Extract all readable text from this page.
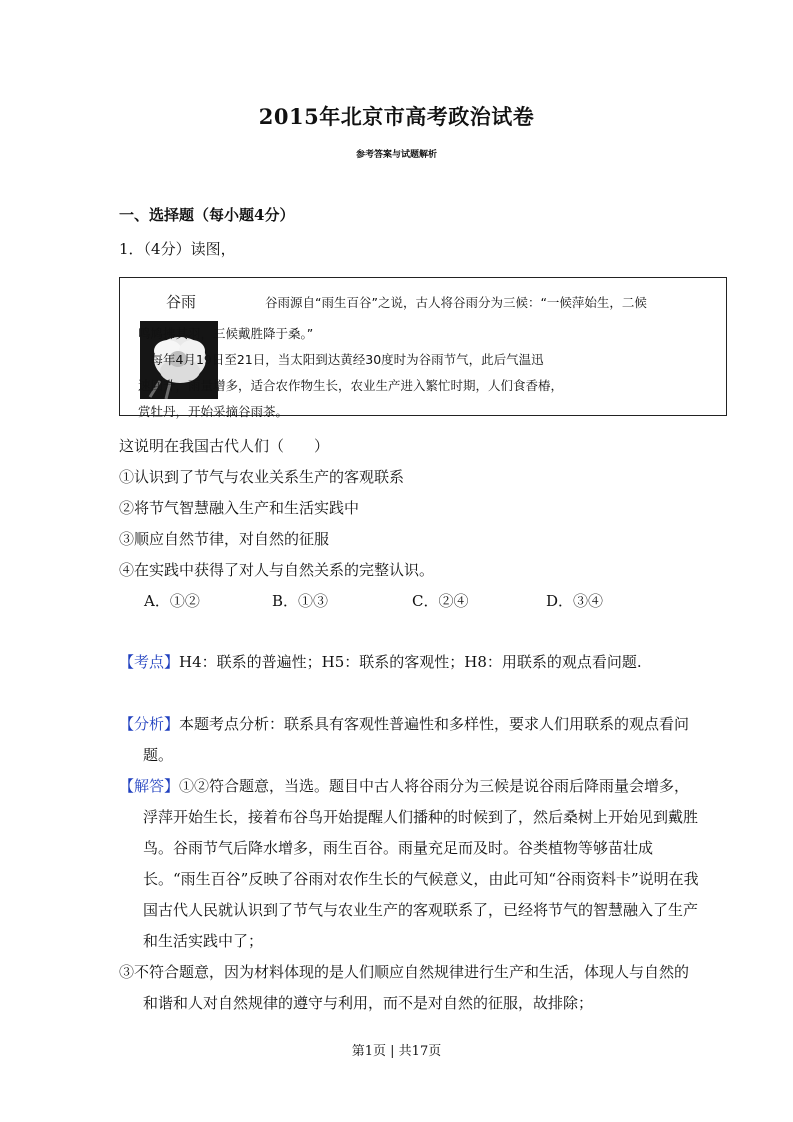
2015年北京市高考政治试卷
参考答案与试题解析
一、选择题（每小题4分）
1．（4分）读图，
谷雨	谷雨源自“雨生百谷”之说，古人将谷雨分为三候：“一候萍始生，二候
鸣鸠拂其羽，三候戴胜降于桑。”
每年4月19日至21日，当太阳到达黄经30度时为谷雨节气，此后气温迅
速回升，雨量增多，适合农作物生长，农业生产进入繁忙时期，人们食香椿，
赏牡丹，开始采摘谷雨茶。
这说明在我国古代人们（　　）
①认识到了节气与农业关系生产的客观联系
②将节气智慧融入生产和生活实践中
③顺应自然节律，对自然的征服
④在实践中获得了对人与自然关系的完整认识。
A．①②	B．①③	C．②④	D．③④
【考点】H4：联系的普遍性；H5：联系的客观性；H8：用联系的观点看问题.
【分析】本题考点分析：联系具有客观性普遍性和多样性，要求人们用联系的观点看问题。
【解答】①②符合题意，当选。题目中古人将谷雨分为三候是说谷雨后降雨量会增多，浮萍开始生长，接着布谷鸟开始提醒人们播种的时候到了，然后桑树上开始见到戴胜鸟。谷雨节气后降水增多，雨生百谷。雨量充足而及时。谷类植物等够苗壮成长。“雨生百谷”反映了谷雨对农作生长的气候意义，由此可知“谷雨资料卡”说明在我国古代人民就认识到了节气与农业生产的客观联系了，已经将节气的智慧融入了生产和生活实践中了；
③不符合题意，因为材料体现的是人们顺应自然规律进行生产和生活，体现人与自然的和谐和人对自然规律的遵守与利用，而不是对自然的征服，故排除；
第1页 | 共17页
